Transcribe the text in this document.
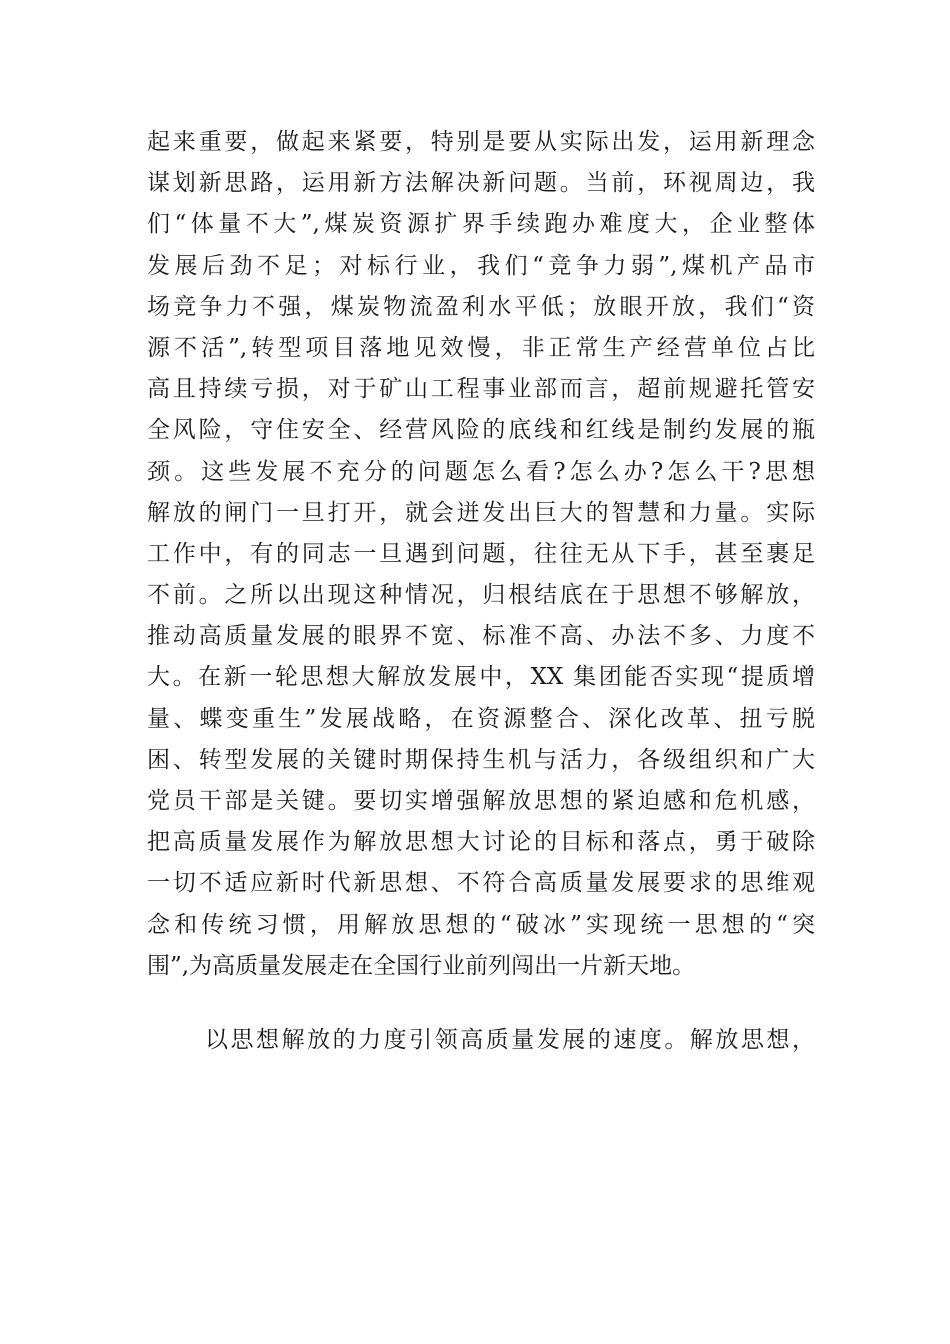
起来重要，做起来紧要，特别是要从实际出发，运用新理念
谋划新思路，运用新方法解决新问题。当前，环视周边，我
们“体量不大”,煤炭资源扩界手续跑办难度大，企业整体
发展后劲不足；对标行业，我们“竞争力弱”,煤机产品市
场竞争力不强，煤炭物流盈利水平低；放眼开放，我们“资
源不活”,转型项目落地见效慢，非正常生产经营单位占比
高且持续亏损，对于矿山工程事业部而言，超前规避托管安
全风险，守住安全、经营风险的底线和红线是制约发展的瓶
颈。这些发展不充分的问题怎么看?怎么办?怎么干?思想
解放的闸门一旦打开，就会迸发出巨大的智慧和力量。实际
工作中，有的同志一旦遇到问题，往往无从下手，甚至裹足
不前。之所以出现这种情况，归根结底在于思想不够解放，
推动高质量发展的眼界不宽、标准不高、办法不多、力度不
大。在新一轮思想大解放发展中，XX 集团能否实现“提质增
量、蝶变重生”发展战略，在资源整合、深化改革、扭亏脱
困、转型发展的关键时期保持生机与活力，各级组织和广大
党员干部是关键。要切实增强解放思想的紧迫感和危机感，
把高质量发展作为解放思想大讨论的目标和落点，勇于破除
一切不适应新时代新思想、不符合高质量发展要求的思维观
念和传统习惯，用解放思想的“破冰”实现统一思想的“突
围”,为高质量发展走在全国行业前列闯出一片新天地。
以思想解放的力度引领高质量发展的速度。解放思想，
